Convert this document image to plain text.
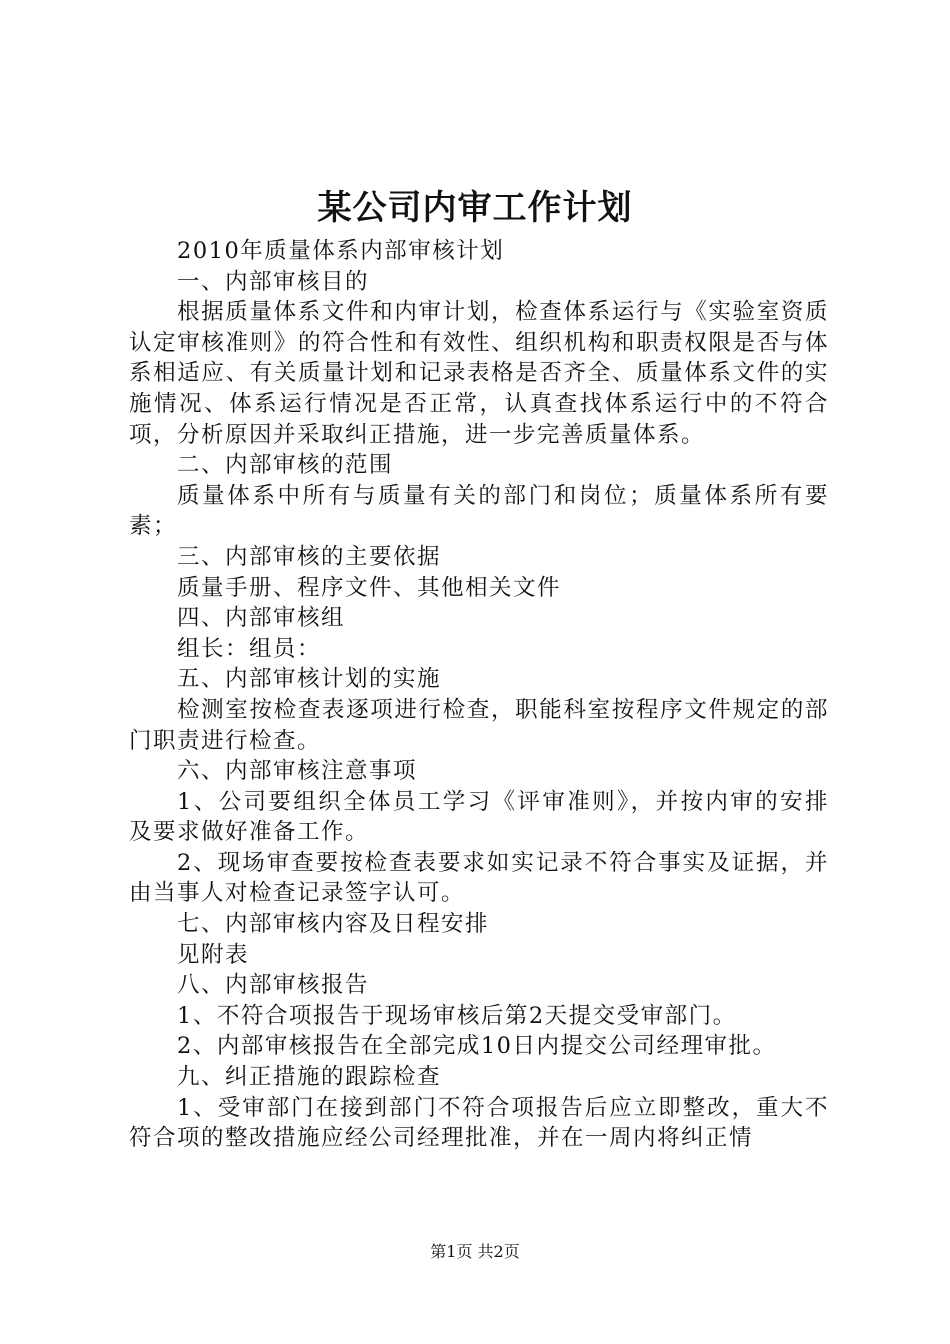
某公司内审工作计划

2010年质量体系内部审核计划

一、内部审核目的

根据质量体系文件和内审计划，检查体系运行与《实验室资质认定审核准则》的符合性和有效性、组织机构和职责权限是否与体系相适应、有关质量计划和记录表格是否齐全、质量体系文件的实施情况、体系运行情况是否正常，认真查找体系运行中的不符合项，分析原因并采取纠正措施，进一步完善质量体系。

二、内部审核的范围

质量体系中所有与质量有关的部门和岗位；质量体系所有要素；

三、内部审核的主要依据

质量手册、程序文件、其他相关文件

四、内部审核组

组长：组员：

五、内部审核计划的实施

检测室按检查表逐项进行检查，职能科室按程序文件规定的部门职责进行检查。

六、内部审核注意事项

1、公司要组织全体员工学习《评审准则》，并按内审的安排及要求做好准备工作。

2、现场审查要按检查表要求如实记录不符合事实及证据，并由当事人对检查记录签字认可。

七、内部审核内容及日程安排

见附表

八、内部审核报告

1、不符合项报告于现场审核后第2天提交受审部门。

2、内部审核报告在全部完成10日内提交公司经理审批。

九、纠正措施的跟踪检查

1、受审部门在接到部门不符合项报告后应立即整改，重大不符合项的整改措施应经公司经理批准，并在一周内将纠正情

第1页 共2页
